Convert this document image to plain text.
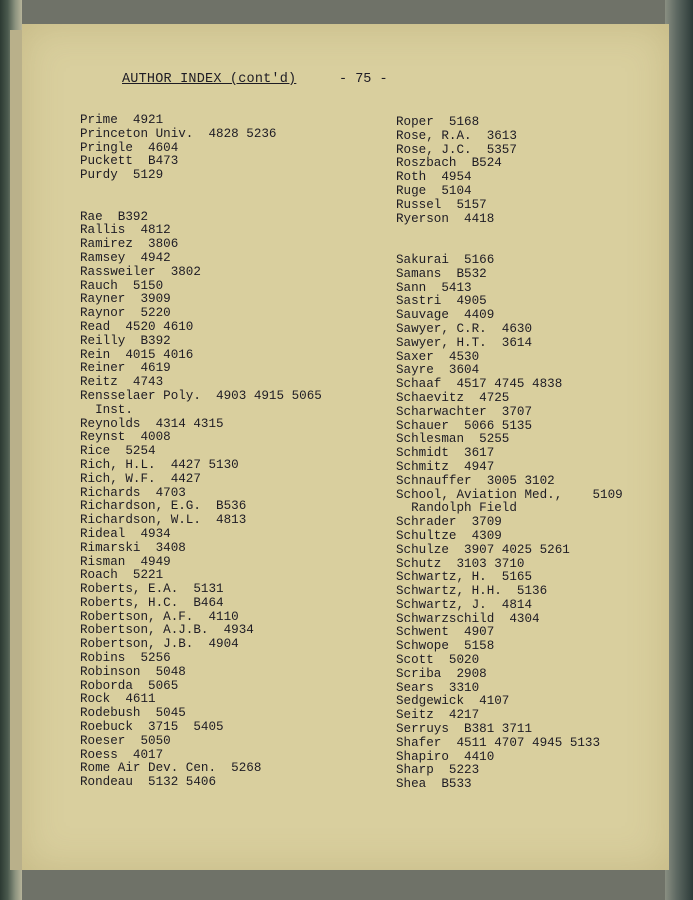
AUTHOR INDEX (cont'd)	- 75 -
Prime  4921
Princeton Univ.  4828 5236
Pringle  4604
Puckett  B473
Purdy  5129
Rae  B392
Rallis  4812
Ramirez  3806
Ramsey  4942
Rassweiler  3802
Rauch  5150
Rayner  3909
Raynor  5220
Read  4520 4610
Reilly  B392
Rein  4015 4016
Reiner  4619
Reitz  4743
Rensselaer Poly.  4903 4915 5065
Inst.
Reynolds  4314 4315
Reynst  4008
Rice  5254
Rich, H.L.  4427 5130
Rich, W.F.  4427
Richards  4703
Richardson, E.G.  B536
Richardson, W.L.  4813
Rideal  4934
Rimarski  3408
Risman  4949
Roach  5221
Roberts, E.A.  5131
Roberts, H.C.  B464
Robertson, A.F.  4110
Robertson, A.J.B.  4934
Robertson, J.B.  4904
Robins  5256
Robinson  5048
Roborda  5065
Rock  4611
Rodebush  5045
Roebuck  3715  5405
Roeser  5050
Roess  4017
Rome Air Dev. Cen.  5268
Rondeau  5132 5406
Roper  5168
Rose, R.A.  3613
Rose, J.C.  5357
Roszbach  B524
Roth  4954
Ruge  5104
Russel  5157
Ryerson  4418
Sakurai  5166
Samans  B532
Sann  5413
Sastri  4905
Sauvage  4409
Sawyer, C.R.  4630
Sawyer, H.T.  3614
Saxer  4530
Sayre  3604
Schaaf  4517 4745 4838
Schaevitz  4725
Scharwachter  3707
Schauer  5066 5135
Schlesman  5255
Schmidt  3617
Schmitz  4947
Schnauffer  3005 3102
School, Aviation Med.,    5109
Randolph Field
Schrader  3709
Schultze  4309
Schulze  3907 4025 5261
Schutz  3103 3710
Schwartz, H.  5165
Schwartz, H.H.  5136
Schwartz, J.  4814
Schwarzschild  4304
Schwent  4907
Schwope  5158
Scott  5020
Scriba  2908
Sears  3310
Sedgewick  4107
Seitz  4217
Serruys  B381 3711
Shafer  4511 4707 4945 5133
Shapiro  4410
Sharp  5223
Shea  B533
